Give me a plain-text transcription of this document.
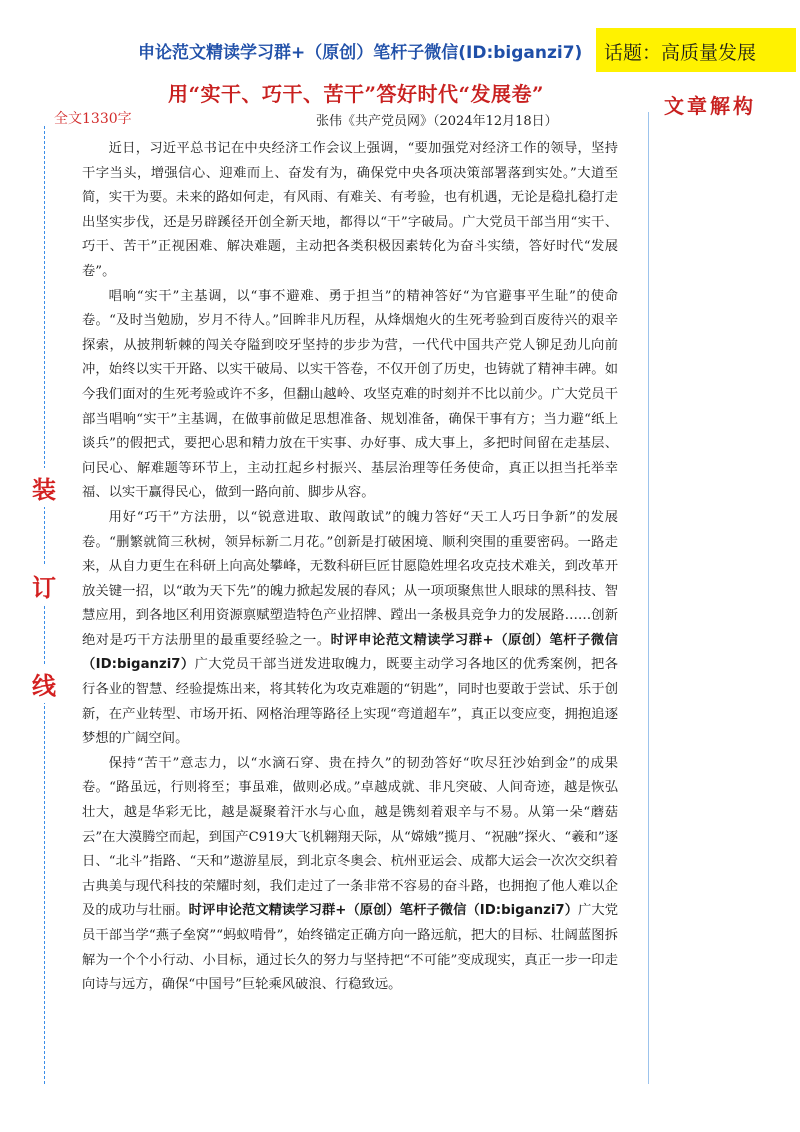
申论范文精读学习群+（原创）笔杆子微信(ID:biganzi7)	话题：高质量发展
用“实干、巧干、苦干”答好时代“发展卷”	文章解构
全文1330字	张伟《共产党员网》（2024年12月18日）
装
订
线

近日，习近平总书记在中央经济工作会议上强调，“要加强党对经济工作的领导，坚持干字当头，增强信心、迎难而上、奋发有为，确保党中央各项决策部署落到实处。”大道至简，实干为要。未来的路如何走，有风雨、有难关、有考验，也有机遇，无论是稳扎稳打走出坚实步伐，还是另辟蹊径开创全新天地，都得以“干”字破局。广大党员干部当用“实干、巧干、苦干”正视困难、解决难题，主动把各类积极因素转化为奋斗实绩，答好时代“发展卷”。

唱响“实干”主基调，以“事不避难、勇于担当”的精神答好“为官避事平生耻”的使命卷。“及时当勉励，岁月不待人。”回眸非凡历程，从烽烟炮火的生死考验到百废待兴的艰辛探索，从披荆斩棘的闯关夺隘到咬牙坚持的步步为营，一代代中国共产党人铆足劲儿向前冲，始终以实干开路、以实干破局、以实干答卷，不仅开创了历史，也铸就了精神丰碑。如今我们面对的生死考验或许不多，但翻山越岭、攻坚克难的时刻并不比以前少。广大党员干部当唱响“实干”主基调，在做事前做足思想准备、规划准备，确保干事有方；当力避“纸上谈兵”的假把式，要把心思和精力放在干实事、办好事、成大事上，多把时间留在走基层、问民心、解难题等环节上，主动扛起乡村振兴、基层治理等任务使命，真正以担当托举幸福、以实干赢得民心，做到一路向前、脚步从容。

用好“巧干”方法册，以“锐意进取、敢闯敢试”的魄力答好“天工人巧日争新”的发展卷。“删繁就简三秋树，领异标新二月花。”创新是打破困境、顺利突围的重要密码。一路走来，从自力更生在科研上向高处攀峰，无数科研巨匠甘愿隐姓埋名攻克技术难关，到改革开放关键一招，以“敢为天下先”的魄力掀起发展的春风；从一项项聚焦世人眼球的黑科技、智慧应用，到各地区利用资源禀赋塑造特色产业招牌、蹚出一条极具竞争力的发展路……创新绝对是巧干方法册里的最重要经验之一。时评申论范文精读学习群+（原创）笔杆子微信（ID:biganzi7）广大党员干部当迸发进取魄力，既要主动学习各地区的优秀案例，把各行各业的智慧、经验提炼出来，将其转化为攻克难题的“钥匙”，同时也要敢于尝试、乐于创新，在产业转型、市场开拓、网格治理等路径上实现“弯道超车”，真正以变应变，拥抱追逐梦想的广阔空间。

保持“苦干”意志力，以“水滴石穿、贵在持久”的韧劲答好“吹尽狂沙始到金”的成果卷。“路虽远，行则将至；事虽难，做则必成。”卓越成就、非凡突破、人间奇迹，越是恢弘壮大，越是华彩无比，越是凝聚着汗水与心血，越是镌刻着艰辛与不易。从第一朵“蘑菇云”在大漠腾空而起，到国产C919大飞机翱翔天际，从“嫦娥”揽月、“祝融”探火、“羲和”逐日、“北斗”指路、“天和”遨游星辰，到北京冬奥会、杭州亚运会、成都大运会一次次交织着古典美与现代科技的荣耀时刻，我们走过了一条非常不容易的奋斗路，也拥抱了他人难以企及的成功与壮丽。时评申论范文精读学习群+（原创）笔杆子微信（ID:biganzi7）广大党员干部当学“燕子垒窝”“蚂蚁啃骨”，始终锚定正确方向一路远航，把大的目标、壮阔蓝图拆解为一个个小行动、小目标，通过长久的努力与坚持把“不可能”变成现实，真正一步一印走向诗与远方，确保“中国号”巨轮乘风破浪、行稳致远。
